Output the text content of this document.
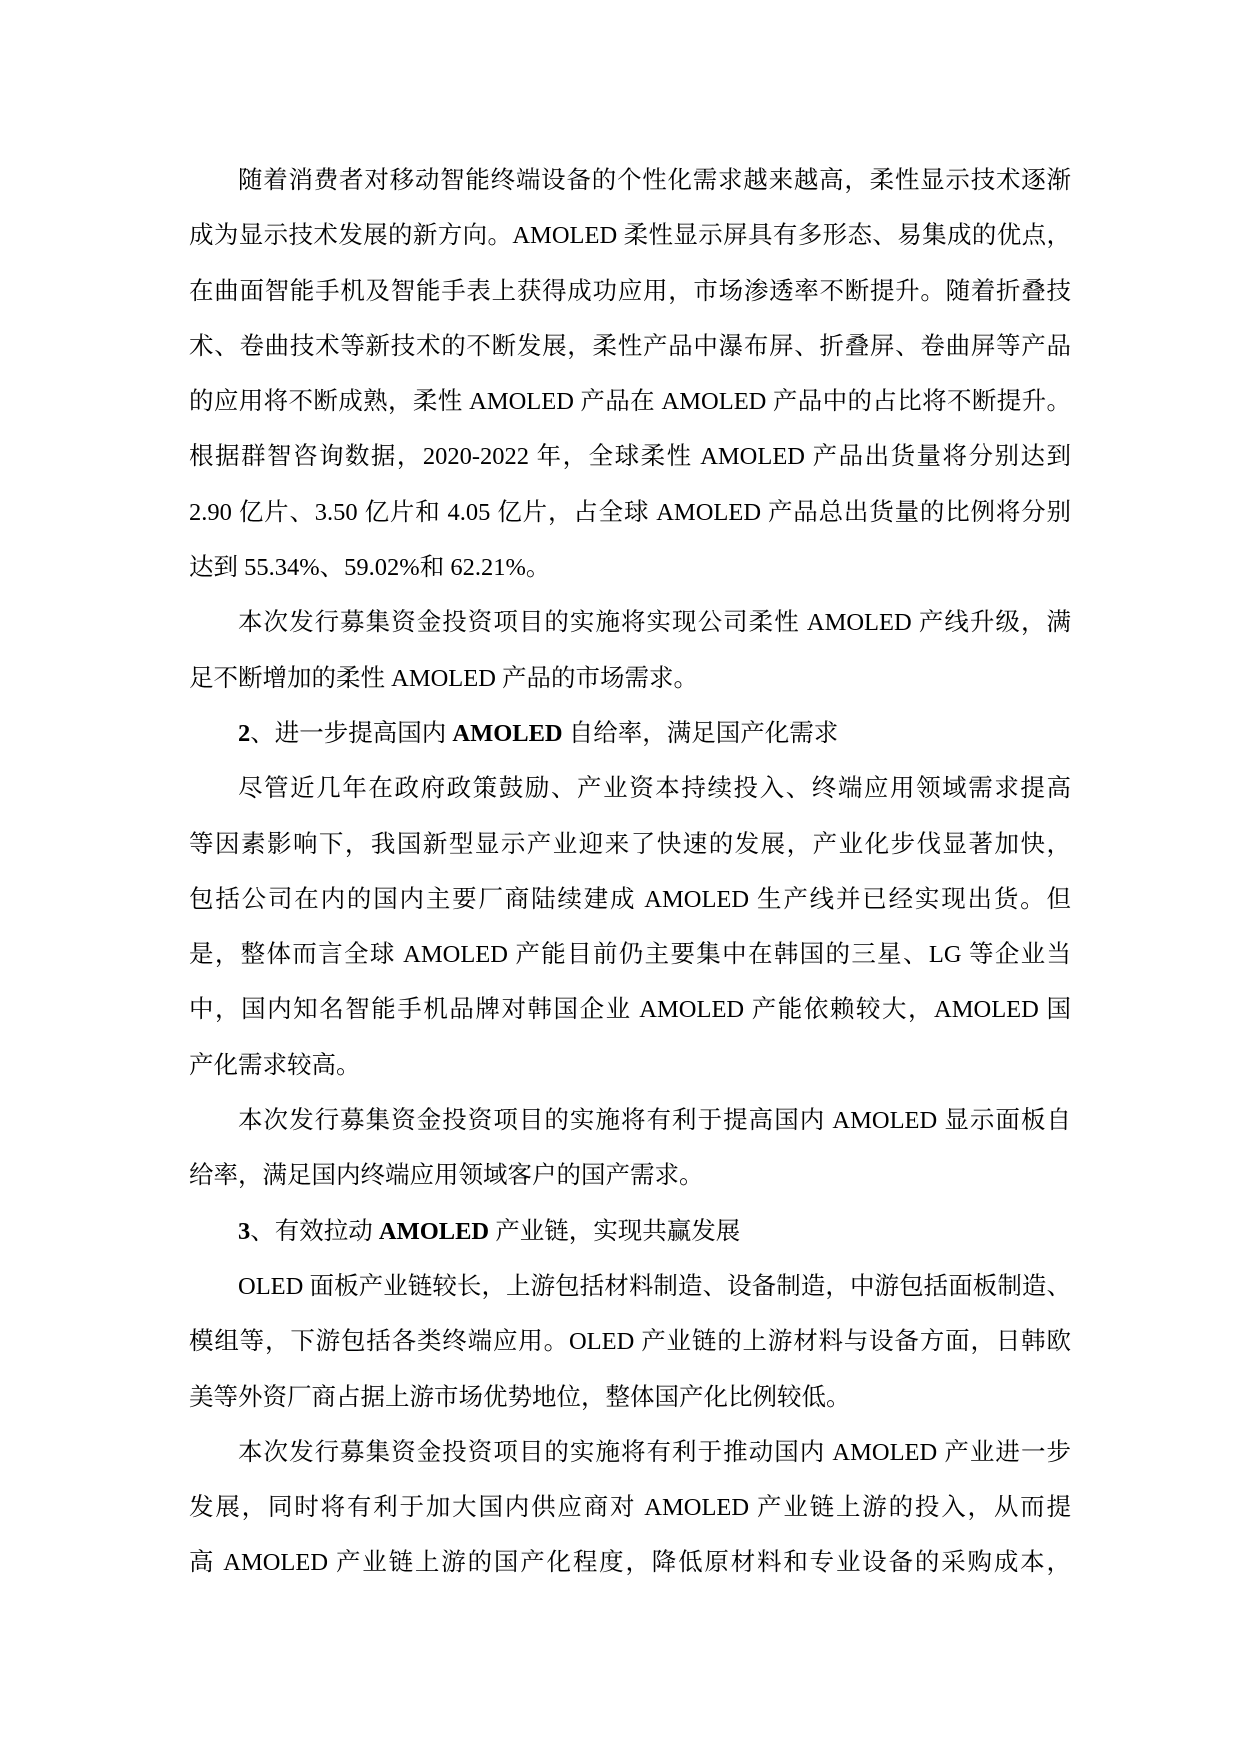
随着消费者对移动智能终端设备的个性化需求越来越高，柔性显示技术逐渐
成为显示技术发展的新方向。AMOLED 柔性显示屏具有多形态、易集成的优点，
在曲面智能手机及智能手表上获得成功应用，市场渗透率不断提升。随着折叠技
术、卷曲技术等新技术的不断发展，柔性产品中瀑布屏、折叠屏、卷曲屏等产品
的应用将不断成熟，柔性 AMOLED 产品在 AMOLED 产品中的占比将不断提升。
根据群智咨询数据，2020-2022 年，全球柔性 AMOLED 产品出货量将分别达到
2.90 亿片、3.50 亿片和 4.05 亿片，占全球 AMOLED 产品总出货量的比例将分别
达到 55.34%、59.02%和 62.21%。
本次发行募集资金投资项目的实施将实现公司柔性 AMOLED 产线升级，满
足不断增加的柔性 AMOLED 产品的市场需求。
2、进一步提高国内 AMOLED 自给率，满足国产化需求
尽管近几年在政府政策鼓励、产业资本持续投入、终端应用领域需求提高
等因素影响下，我国新型显示产业迎来了快速的发展，产业化步伐显著加快，
包括公司在内的国内主要厂商陆续建成 AMOLED 生产线并已经实现出货。但
是，整体而言全球 AMOLED 产能目前仍主要集中在韩国的三星、LG 等企业当
中，国内知名智能手机品牌对韩国企业 AMOLED 产能依赖较大，AMOLED 国
产化需求较高。
本次发行募集资金投资项目的实施将有利于提高国内 AMOLED 显示面板自
给率，满足国内终端应用领域客户的国产需求。
3、有效拉动 AMOLED 产业链，实现共赢发展
OLED 面板产业链较长，上游包括材料制造、设备制造，中游包括面板制造、
模组等，下游包括各类终端应用。OLED 产业链的上游材料与设备方面，日韩欧
美等外资厂商占据上游市场优势地位，整体国产化比例较低。
本次发行募集资金投资项目的实施将有利于推动国内 AMOLED 产业进一步
发展，同时将有利于加大国内供应商对 AMOLED 产业链上游的投入，从而提
高 AMOLED 产业链上游的国产化程度，降低原材料和专业设备的采购成本，
